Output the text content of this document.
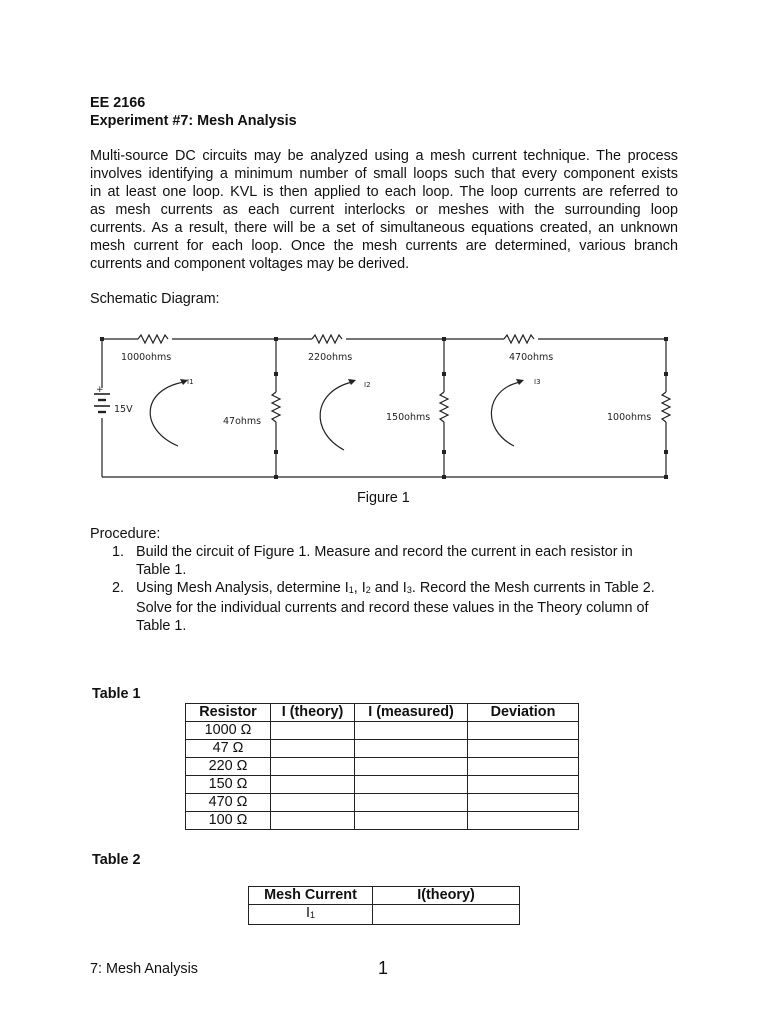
EE 2166
Experiment #7: Mesh Analysis
Multi-source DC circuits may be analyzed using a mesh current technique. The process
involves identifying a minimum number of small loops such that every component exists
in at least one loop. KVL is then applied to each loop. The loop currents are referred to
as mesh currents as each current interlocks or meshes with the surrounding loop
currents. As a result, there will be a set of simultaneous equations created, an unknown
mesh current for each loop. Once the mesh currents are determined, various branch
currents and component voltages may be derived.
Schematic Diagram:
1000ohms	220ohms	470ohms
47ohms	150ohms	100ohms
15V
+
I1	I2	I3
Figure 1
Procedure:
1. Build the circuit of Figure 1. Measure and record the current in each resistor in
Table 1.
2. Using Mesh Analysis, determine $I_1$, $I_2$ and $I_3$. Record the Mesh currents in Table 2.
Solve for the individual currents and record these values in the Theory column of
Table 1.
Table 1
Resistor	I (theory)	I (measured)	Deviation
1000 Ω			
47 Ω			
220 Ω			
150 Ω			
470 Ω			
100 Ω			
Table 2
Mesh Current	I(theory)
$I_1$	
7: Mesh Analysis	1
